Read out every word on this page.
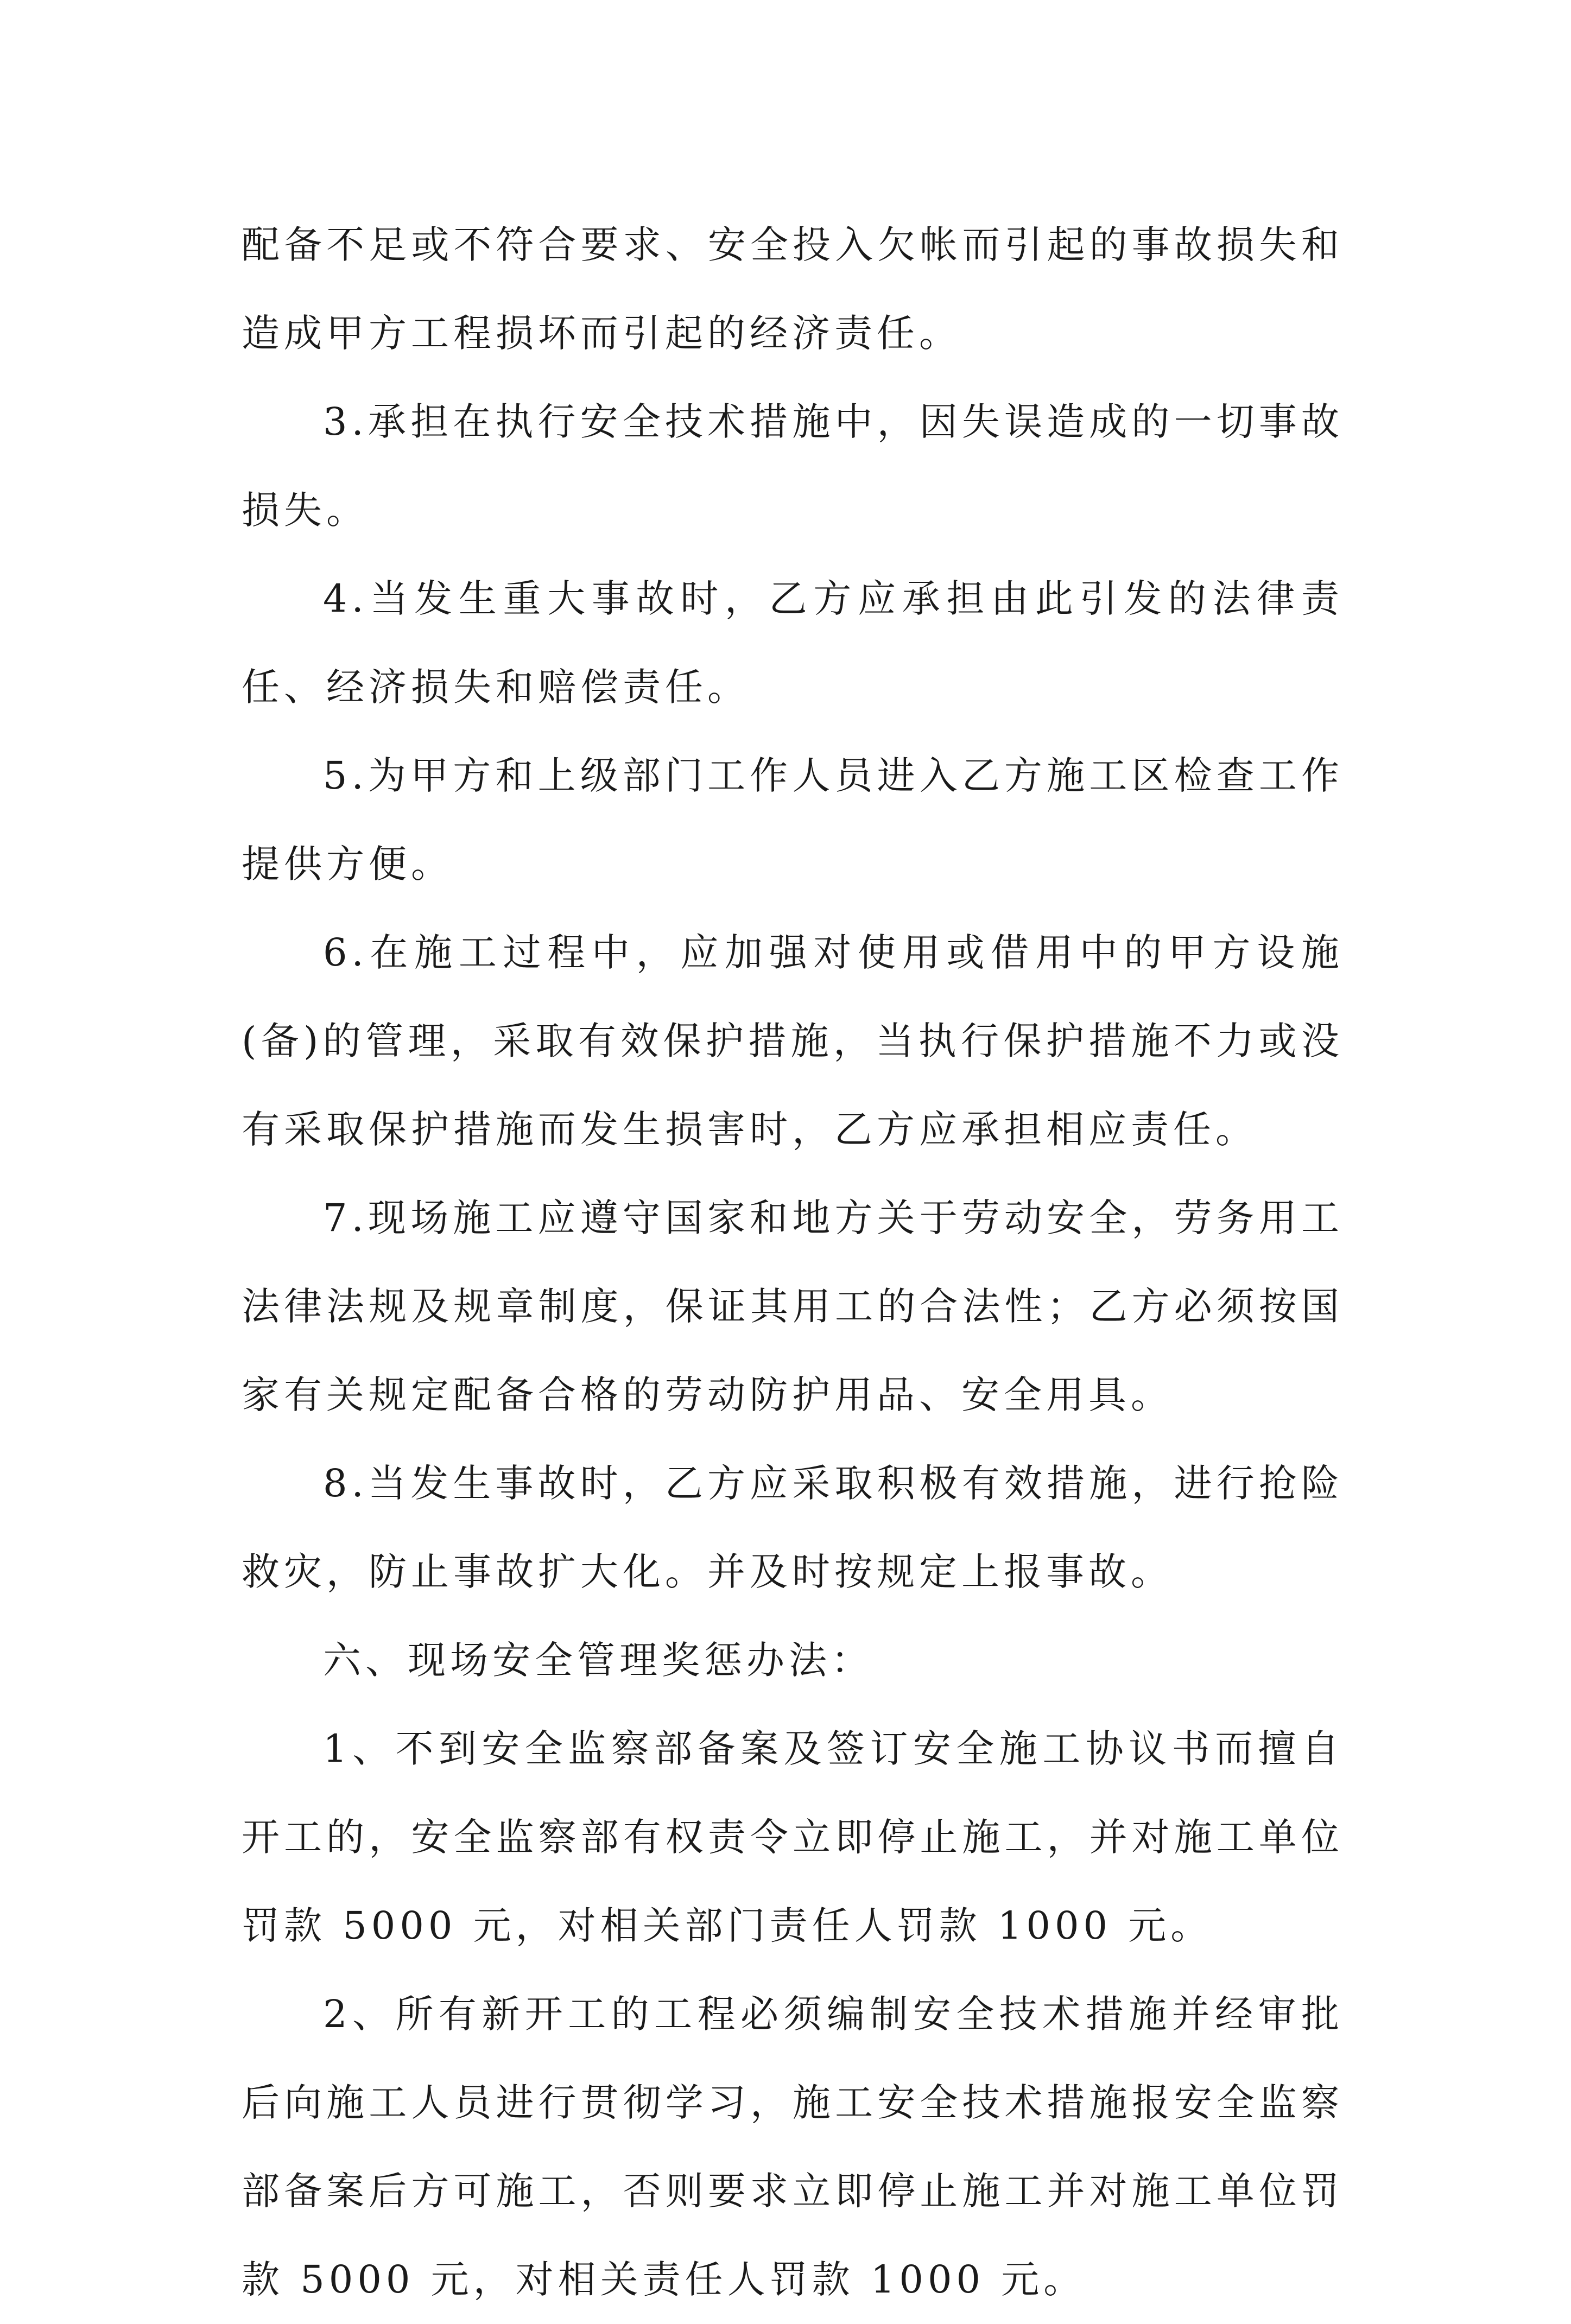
配备不足或不符合要求、安全投入欠帐而引起的事故损失和造成甲方工程损坏而引起的经济责任。

3.承担在执行安全技术措施中，因失误造成的一切事故损失。

4.当发生重大事故时，乙方应承担由此引发的法律责任、经济损失和赔偿责任。

5.为甲方和上级部门工作人员进入乙方施工区检查工作提供方便。

6.在施工过程中，应加强对使用或借用中的甲方设施(备)的管理，采取有效保护措施，当执行保护措施不力或没有采取保护措施而发生损害时，乙方应承担相应责任。

7.现场施工应遵守国家和地方关于劳动安全，劳务用工法律法规及规章制度，保证其用工的合法性；乙方必须按国家有关规定配备合格的劳动防护用品、安全用具。

8.当发生事故时，乙方应采取积极有效措施，进行抢险救灾，防止事故扩大化。并及时按规定上报事故。

六、现场安全管理奖惩办法：

1、不到安全监察部备案及签订安全施工协议书而擅自开工的，安全监察部有权责令立即停止施工，并对施工单位罚款 5000 元，对相关部门责任人罚款 1000 元。

2、所有新开工的工程必须编制安全技术措施并经审批后向施工人员进行贯彻学习，施工安全技术措施报安全监察部备案后方可施工，否则要求立即停止施工并对施工单位罚款 5000 元，对相关责任人罚款 1000 元。
